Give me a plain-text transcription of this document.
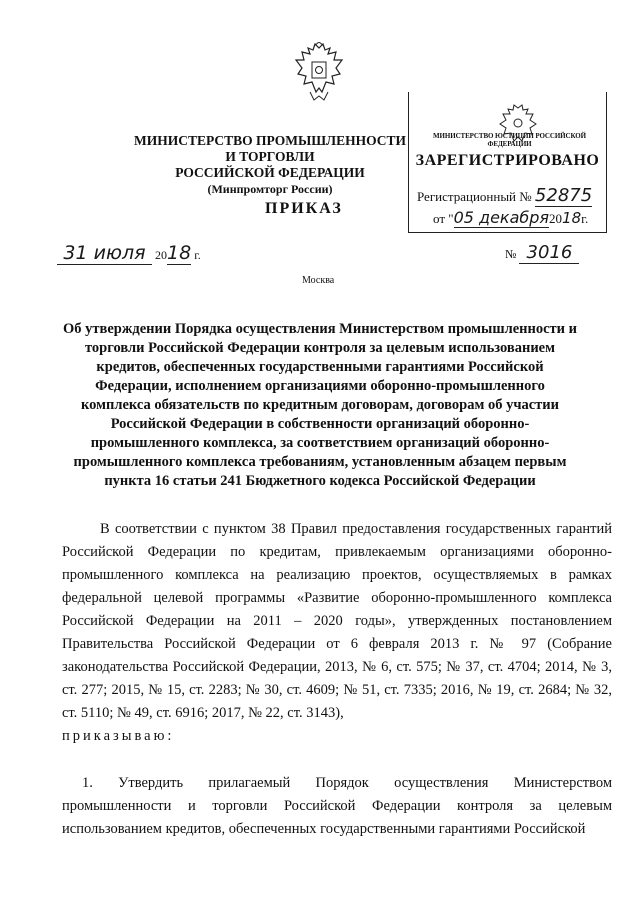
МИНИСТЕРСТВО ПРОМЫШЛЕННОСТИ И ТОРГОВЛИ
РОССИЙСКОЙ ФЕДЕРАЦИИ
(Минпромторг России)
ПРИКАЗ
МИНИСТЕРСТВО ЮСТИЦИИ РОССИЙСКОЙ ФЕДЕРАЦИИ
ЗАРЕГИСТРИРОВАНО
Регистрационный № 52875
от "05 декабря2018г.
31 июля 2018 г.	№ 3016
Москва
Об утверждении Порядка осуществления Министерством промышленности и торговли Российской Федерации контроля за целевым использованием кредитов, обеспеченных государственными гарантиями Российской Федерации, исполнением организациями оборонно-промышленного комплекса обязательств по кредитным договорам, договорам об участии Российской Федерации в собственности организаций оборонно-промышленного комплекса, за соответствием организаций оборонно-промышленного комплекса требованиям, установленным абзацем первым пункта 16 статьи 241 Бюджетного кодекса Российской Федерации
В соответствии с пунктом 38 Правил предоставления государственных гарантий Российской Федерации по кредитам, привлекаемым организациями оборонно-промышленного комплекса на реализацию проектов, осуществляемых в рамках федеральной целевой программы «Развитие оборонно-промышленного комплекса Российской Федерации на 2011 – 2020 годы», утвержденных постановлением Правительства Российской Федерации от 6 февраля 2013 г. № 97 (Собрание законодательства Российской Федерации, 2013, № 6, ст. 575; № 37, ст. 4704; 2014, № 3, ст. 277; 2015, № 15, ст. 2283; № 30, ст. 4609; № 51, ст. 7335; 2016, № 19, ст. 2684; № 32, ст. 5110; № 49, ст. 6916; 2017, № 22, ст. 3143),
приказываю:
1. Утвердить прилагаемый Порядок осуществления Министерством промышленности и торговли Российской Федерации контроля за целевым использованием кредитов, обеспеченных государственными гарантиями Российской
